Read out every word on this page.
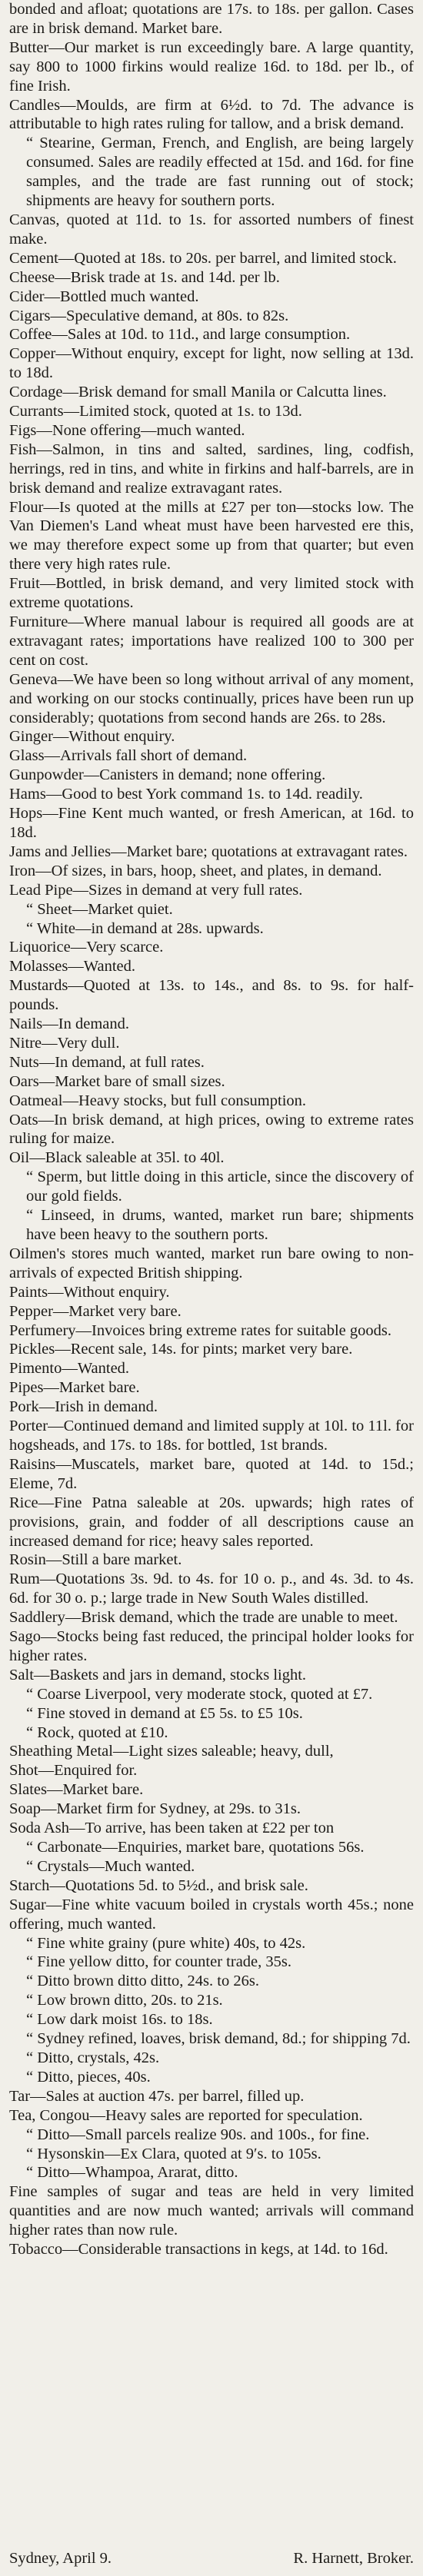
bonded and afloat; quotations are 17s. to 18s. per gallon. Cases are in brisk demand. Market bare.

Butter—Our market is run exceedingly bare. A large quantity, say 800 to 1000 firkins would realize 16d. to 18d. per lb., of fine Irish.

Candles—Moulds, are firm at 6½d. to 7d. The advance is attributable to high rates ruling for tallow, and a brisk demand.

“ Stearine, German, French, and English, are being largely consumed. Sales are readily effected at 15d. and 16d. for fine samples, and the trade are fast running out of stock; shipments are heavy for southern ports.

Canvas, quoted at 11d. to 1s. for assorted numbers of finest make.

Cement—Quoted at 18s. to 20s. per barrel, and limited stock.

Cheese—Brisk trade at 1s. and 14d. per lb.

Cider—Bottled much wanted.

Cigars—Speculative demand, at 80s. to 82s.

Coffee—Sales at 10d. to 11d., and large consumption.

Copper—Without enquiry, except for light, now selling at 13d. to 18d.

Cordage—Brisk demand for small Manila or Calcutta lines.

Currants—Limited stock, quoted at 1s. to 13d.

Figs—None offering—much wanted.

Fish—Salmon, in tins and salted, sardines, ling, codfish, herrings, red in tins, and white in firkins and half-barrels, are in brisk demand and realize extravagant rates.

Flour—Is quoted at the mills at £27 per ton—stocks low. The Van Diemen's Land wheat must have been harvested ere this, we may therefore expect some up from that quarter; but even there very high rates rule.

Fruit—Bottled, in brisk demand, and very limited stock with extreme quotations.

Furniture—Where manual labour is required all goods are at extravagant rates; importations have realized 100 to 300 per cent on cost.

Geneva—We have been so long without arrival of any moment, and working on our stocks continually, prices have been run up considerably; quotations from second hands are 26s. to 28s.

Ginger—Without enquiry.

Glass—Arrivals fall short of demand.

Gunpowder—Canisters in demand; none offering.

Hams—Good to best York command 1s. to 14d. readily.

Hops—Fine Kent much wanted, or fresh American, at 16d. to 18d.

Jams and Jellies—Market bare; quotations at extravagant rates.

Iron—Of sizes, in bars, hoop, sheet, and plates, in demand.

Lead Pipe—Sizes in demand at very full rates.

“ Sheet—Market quiet.

“ White—in demand at 28s. upwards.

Liquorice—Very scarce.

Molasses—Wanted.

Mustards—Quoted at 13s. to 14s., and 8s. to 9s. for half-pounds.

Nails—In demand.

Nitre—Very dull.

Nuts—In demand, at full rates.

Oars—Market bare of small sizes.

Oatmeal—Heavy stocks, but full consumption.

Oats—In brisk demand, at high prices, owing to extreme rates ruling for maize.

Oil—Black saleable at 35l. to 40l.

“ Sperm, but little doing in this article, since the discovery of our gold fields.

“ Linseed, in drums, wanted, market run bare; shipments have been heavy to the southern ports.

Oilmen's stores much wanted, market run bare owing to non-arrivals of expected British shipping.

Paints—Without enquiry.

Pepper—Market very bare.

Perfumery—Invoices bring extreme rates for suitable goods.

Pickles—Recent sale, 14s. for pints; market very bare.

Pimento—Wanted.

Pipes—Market bare.

Pork—Irish in demand.

Porter—Continued demand and limited supply at 10l. to 11l. for hogsheads, and 17s. to 18s. for bottled, 1st brands.

Raisins—Muscatels, market bare, quoted at 14d. to 15d.; Eleme, 7d.

Rice—Fine Patna saleable at 20s. upwards; high rates of provisions, grain, and fodder of all descriptions cause an increased demand for rice; heavy sales reported.

Rosin—Still a bare market.

Rum—Quotations 3s. 9d. to 4s. for 10 o. p., and 4s. 3d. to 4s. 6d. for 30 o. p.; large trade in New South Wales distilled.

Saddlery—Brisk demand, which the trade are unable to meet.

Sago—Stocks being fast reduced, the principal holder looks for higher rates.

Salt—Baskets and jars in demand, stocks light.

“ Coarse Liverpool, very moderate stock, quoted at £7.

“ Fine stoved in demand at £5 5s. to £5 10s.

“ Rock, quoted at £10.

Sheathing Metal—Light sizes saleable; heavy, dull,

Shot—Enquired for.

Slates—Market bare.

Soap—Market firm for Sydney, at 29s. to 31s.

Soda Ash—To arrive, has been taken at £22 per ton

“ Carbonate—Enquiries, market bare, quotations 56s.

“ Crystals—Much wanted.

Starch—Quotations 5d. to 5½d., and brisk sale.

Sugar—Fine white vacuum boiled in crystals worth 45s.; none offering, much wanted.

“ Fine white grainy (pure white) 40s, to 42s.

“ Fine yellow ditto, for counter trade, 35s.

“ Ditto brown ditto ditto, 24s. to 26s.

“ Low brown ditto, 20s. to 21s.

“ Low dark moist 16s. to 18s.

“ Sydney refined, loaves, brisk demand, 8d.; for shipping 7d.

“ Ditto, crystals, 42s.

“ Ditto, pieces, 40s.

Tar—Sales at auction 47s. per barrel, filled up.

Tea, Congou—Heavy sales are reported for speculation.

“ Ditto—Small parcels realize 90s. and 100s., for fine.

“ Hysonskin—Ex Clara, quoted at 9ʹs. to 105s.

“ Ditto—Whampoa, Ararat, ditto.

Fine samples of sugar and teas are held in very limited quantities and are now much wanted; arrivals will command higher rates than now rule.

Tobacco—Considerable transactions in kegs, at 14d. to 16d.

Sydney, April 9.	R. Harnett, Broker.
